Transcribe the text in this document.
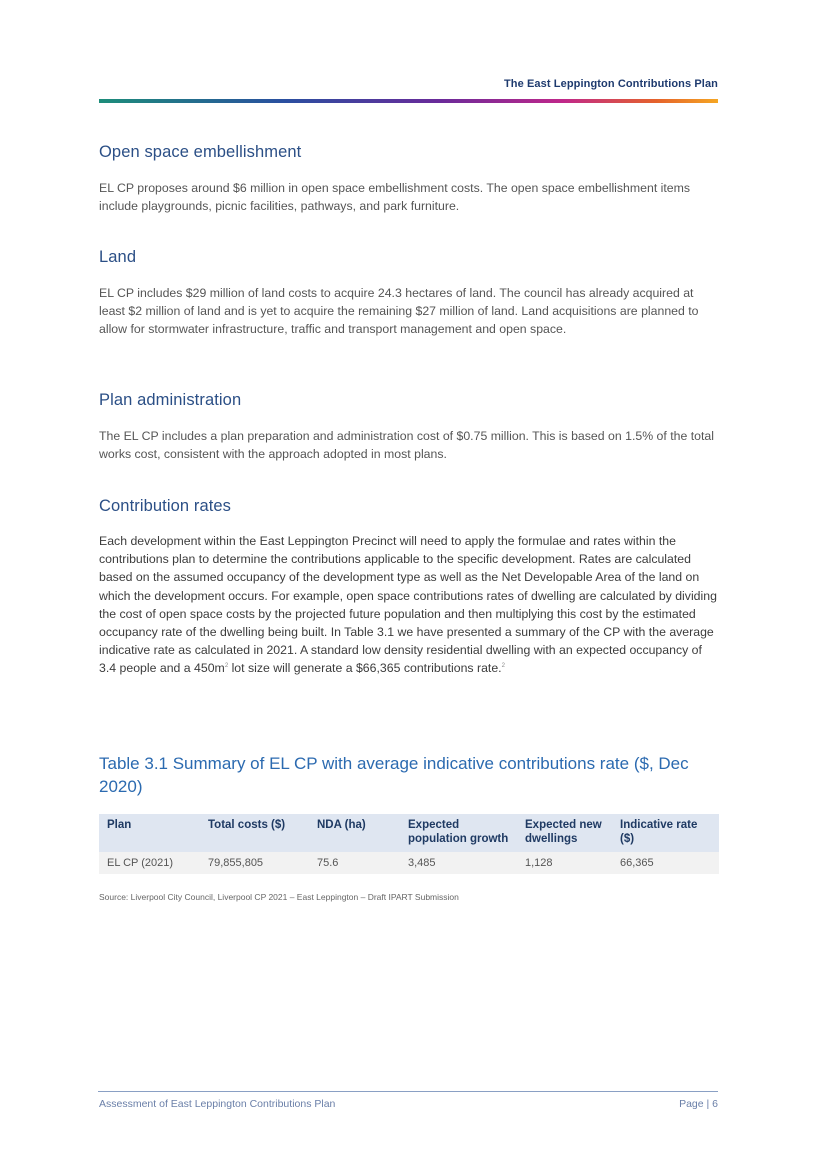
The East Leppington Contributions Plan
Open space embellishment

EL CP proposes around $6 million in open space embellishment costs. The open space embellishment items include playgrounds, picnic facilities, pathways, and park furniture.

Land

EL CP includes $29 million of land costs to acquire 24.3 hectares of land. The council has already acquired at least $2 million of land and is yet to acquire the remaining $27 million of land. Land acquisitions are planned to allow for stormwater infrastructure, traffic and transport management and open space.

Plan administration

The EL CP includes a plan preparation and administration cost of $0.75 million. This is based on 1.5% of the total works cost, consistent with the approach adopted in most plans.

Contribution rates

Each development within the East Leppington Precinct will need to apply the formulae and rates within the contributions plan to determine the contributions applicable to the specific development. Rates are calculated based on the assumed occupancy of the development type as well as the Net Developable Area of the land on which the development occurs. For example, open space contributions rates of dwelling are calculated by dividing the cost of open space costs by the projected future population and then multiplying this cost by the estimated occupancy rate of the dwelling being built. In Table 3.1 we have presented a summary of the CP with the average indicative rate as calculated in 2021. A standard low density residential dwelling with an expected occupancy of 3.4 people and a $450m^2$ lot size will generate a $66,365 contributions rate.$^2$

Table 3.1 Summary of EL CP with average indicative contributions rate ($, Dec 2020)
Plan	Total costs ($)	NDA (ha)	Expected population growth	Expected new dwellings	Indicative rate ($)
EL CP (2021)	79,855,805	75.6	3,485	1,128	66,365
Source: Liverpool City Council, Liverpool CP 2021 – East Leppington – Draft IPART Submission
Assessment of East Leppington Contributions Plan	Page | 6
